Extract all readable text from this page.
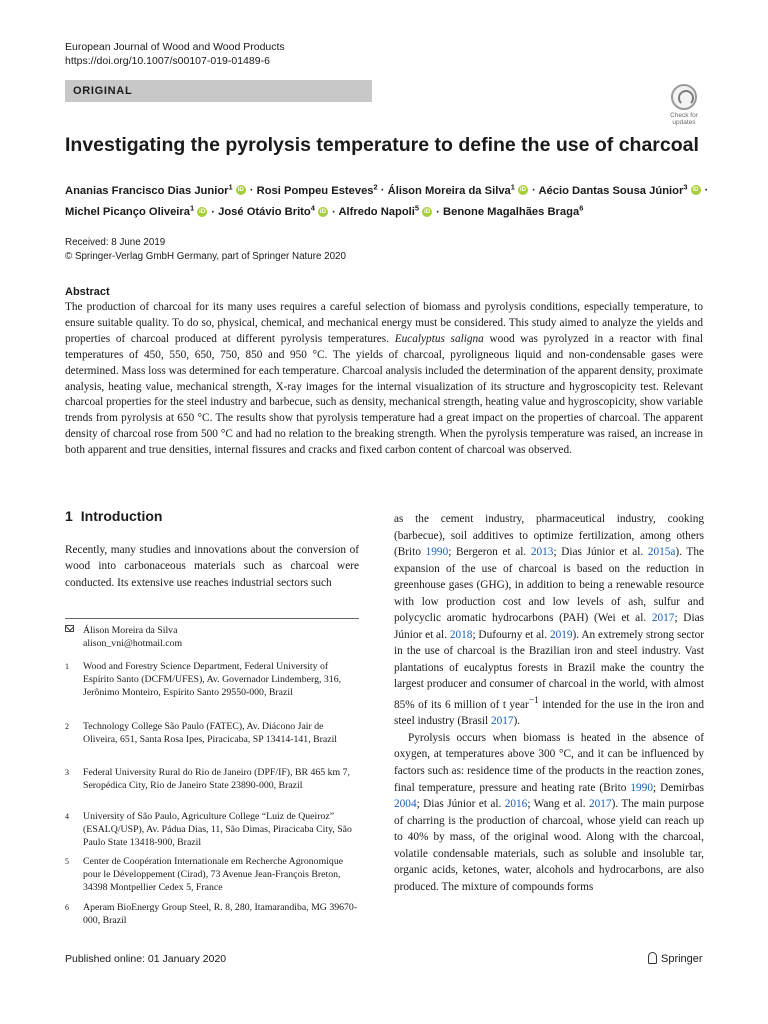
European Journal of Wood and Wood Products
https://doi.org/10.1007/s00107-019-01489-6
ORIGINAL
Check for
updates
Investigating the pyrolysis temperature to define the use of charcoal
Ananias Francisco Dias Junior$^1$ iD · Rosi Pompeu Esteves$^2$ · Álison Moreira da Silva$^1$ iD · Aécio Dantas Sousa Júnior$^3$ iD ·
Michel Picanço Oliveira$^1$ iD · José Otávio Brito$^4$ iD · Alfredo Napoli$^5$ iD · Benone Magalhães Braga$^6$
Received: 8 June 2019
© Springer-Verlag GmbH Germany, part of Springer Nature 2020
Abstract
The production of charcoal for its many uses requires a careful selection of biomass and pyrolysis conditions, especially temperature, to ensure suitable quality. To do so, physical, chemical, and mechanical energy must be considered. This study aimed to analyze the yields and properties of charcoal produced at different pyrolysis temperatures. Eucalyptus saligna wood was pyrolyzed in a reactor with final temperatures of 450, 550, 650, 750, 850 and 950 °C. The yields of charcoal, pyroligneous liquid and non-condensable gases were determined. Mass loss was determined for each temperature. Charcoal analysis included the determination of the apparent density, proximate analysis, heating value, mechanical strength, X-ray images for the internal visualization of its structure and hygroscopicity test. Relevant charcoal properties for the steel industry and barbecue, such as density, mechanical strength, heating value and hygroscopicity, show variable trends from pyrolysis at 650 °C. The results show that pyrolysis temperature had a great impact on the properties of charcoal. The apparent density of charcoal rose from 500 °C and had no relation to the breaking strength. When the pyrolysis temperature was raised, an increase in both apparent and true densities, internal fissures and cracks and fixed carbon content of charcoal was observed.
1 Introduction
Recently, many studies and innovations about the conversion of wood into carbonaceous materials such as charcoal were conducted. Its extensive use reaches industrial sectors such
Álison Moreira da Silva
alison_vni@hotmail.com
1 Wood and Forestry Science Department, Federal University of Espírito Santo (DCFM/UFES), Av. Governador Lindemberg, 316, Jerônimo Monteiro, Espírito Santo 29550-000, Brazil
2 Technology College São Paulo (FATEC), Av. Diácono Jair de Oliveira, 651, Santa Rosa Ipes, Piracicaba, SP 13414-141, Brazil
3 Federal University Rural do Rio de Janeiro (DPF/IF), BR 465 km 7, Seropédica City, Rio de Janeiro State 23890-000, Brazil
4 University of São Paulo, Agriculture College “Luiz de Queiroz” (ESALQ/USP), Av. Pádua Dias, 11, São Dimas, Piracicaba City, São Paulo State 13418-900, Brazil
5 Center de Coopération Internationale em Recherche Agronomique pour le Développement (Cirad), 73 Avenue Jean-François Breton, 34398 Montpellier Cedex 5, France
6 Aperam BioEnergy Group Steel, R. 8, 280, Itamarandiba, MG 39670-000, Brazil
as the cement industry, pharmaceutical industry, cooking (barbecue), soil additives to optimize fertilization, among others (Brito 1990; Bergeron et al. 2013; Dias Júnior et al. 2015a). The expansion of the use of charcoal is based on the reduction in greenhouse gases (GHG), in addition to being a renewable resource with low production cost and low levels of ash, sulfur and polycyclic aromatic hydrocarbons (PAH) (Wei et al. 2017; Dias Júnior et al. 2018; Dufourny et al. 2019). An extremely strong sector in the use of charcoal is the Brazilian iron and steel industry. Vast plantations of eucalyptus forests in Brazil make the country the largest producer and consumer of charcoal in the world, with almost 85% of its 6 million of t year$^{-1}$ intended for the use in the iron and steel industry (Brasil 2017).
Pyrolysis occurs when biomass is heated in the absence of oxygen, at temperatures above 300 °C, and it can be influenced by factors such as: residence time of the products in the reaction zones, final temperature, pressure and heating rate (Brito 1990; Demirbas 2004; Dias Júnior et al. 2016; Wang et al. 2017). The main purpose of charring is the production of charcoal, whose yield can reach up to 40% by mass, of the original wood. Along with the charcoal, volatile condensable materials, such as soluble and insoluble tar, organic acids, ketones, water, alcohols and hydrocarbons, are also produced. The mixture of compounds forms
Published online: 01 January 2020	Springer
